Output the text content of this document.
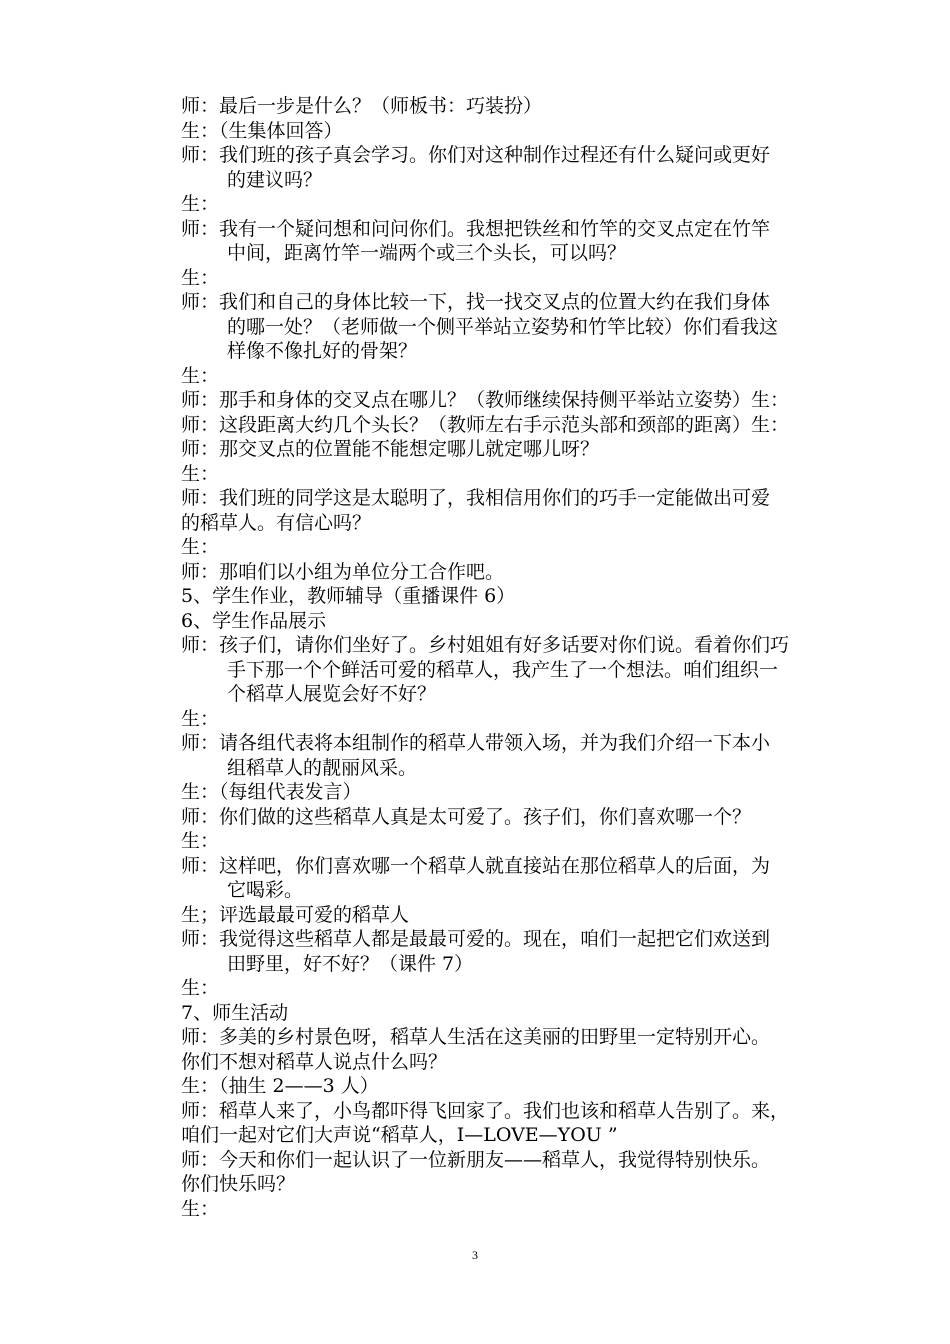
师：最后一步是什么？（师板书：巧装扮）
生：（生集体回答）
师：我们班的孩子真会学习。你们对这种制作过程还有什么疑问或更好
的建议吗？
生：
师：我有一个疑问想和问问你们。我想把铁丝和竹竿的交叉点定在竹竿
中间，距离竹竿一端两个或三个头长，可以吗？
生：
师：我们和自己的身体比较一下，找一找交叉点的位置大约在我们身体
的哪一处？（老师做一个侧平举站立姿势和竹竿比较）你们看我这
样像不像扎好的骨架？
生：
师：那手和身体的交叉点在哪儿？（教师继续保持侧平举站立姿势）生：
师：这段距离大约几个头长？（教师左右手示范头部和颈部的距离）生：
师：那交叉点的位置能不能想定哪儿就定哪儿呀？
生：
师：我们班的同学这是太聪明了，我相信用你们的巧手一定能做出可爱
的稻草人。有信心吗？
生：
师：那咱们以小组为单位分工合作吧。
5、学生作业，教师辅导（重播课件 6）
6、学生作品展示
师：孩子们，请你们坐好了。乡村姐姐有好多话要对你们说。看着你们巧
手下那一个个鲜活可爱的稻草人，我产生了一个想法。咱们组织一
个稻草人展览会好不好？
生：
师：请各组代表将本组制作的稻草人带领入场，并为我们介绍一下本小
组稻草人的靓丽风采。
生：（每组代表发言）
师：你们做的这些稻草人真是太可爱了。孩子们，你们喜欢哪一个？
生：
师：这样吧，你们喜欢哪一个稻草人就直接站在那位稻草人的后面，为
它喝彩。
生；评选最最可爱的稻草人
师：我觉得这些稻草人都是最最可爱的。现在，咱们一起把它们欢送到
田野里，好不好？（课件 7）
生：
7、师生活动
师：多美的乡村景色呀，稻草人生活在这美丽的田野里一定特别开心。
你们不想对稻草人说点什么吗？
生：（抽生 2——3 人）
师：稻草人来了，小鸟都吓得飞回家了。我们也该和稻草人告别了。来，
咱们一起对它们大声说“稻草人，I—LOVE—YOU ”
师：今天和你们一起认识了一位新朋友——稻草人，我觉得特别快乐。
你们快乐吗？
生：
3
